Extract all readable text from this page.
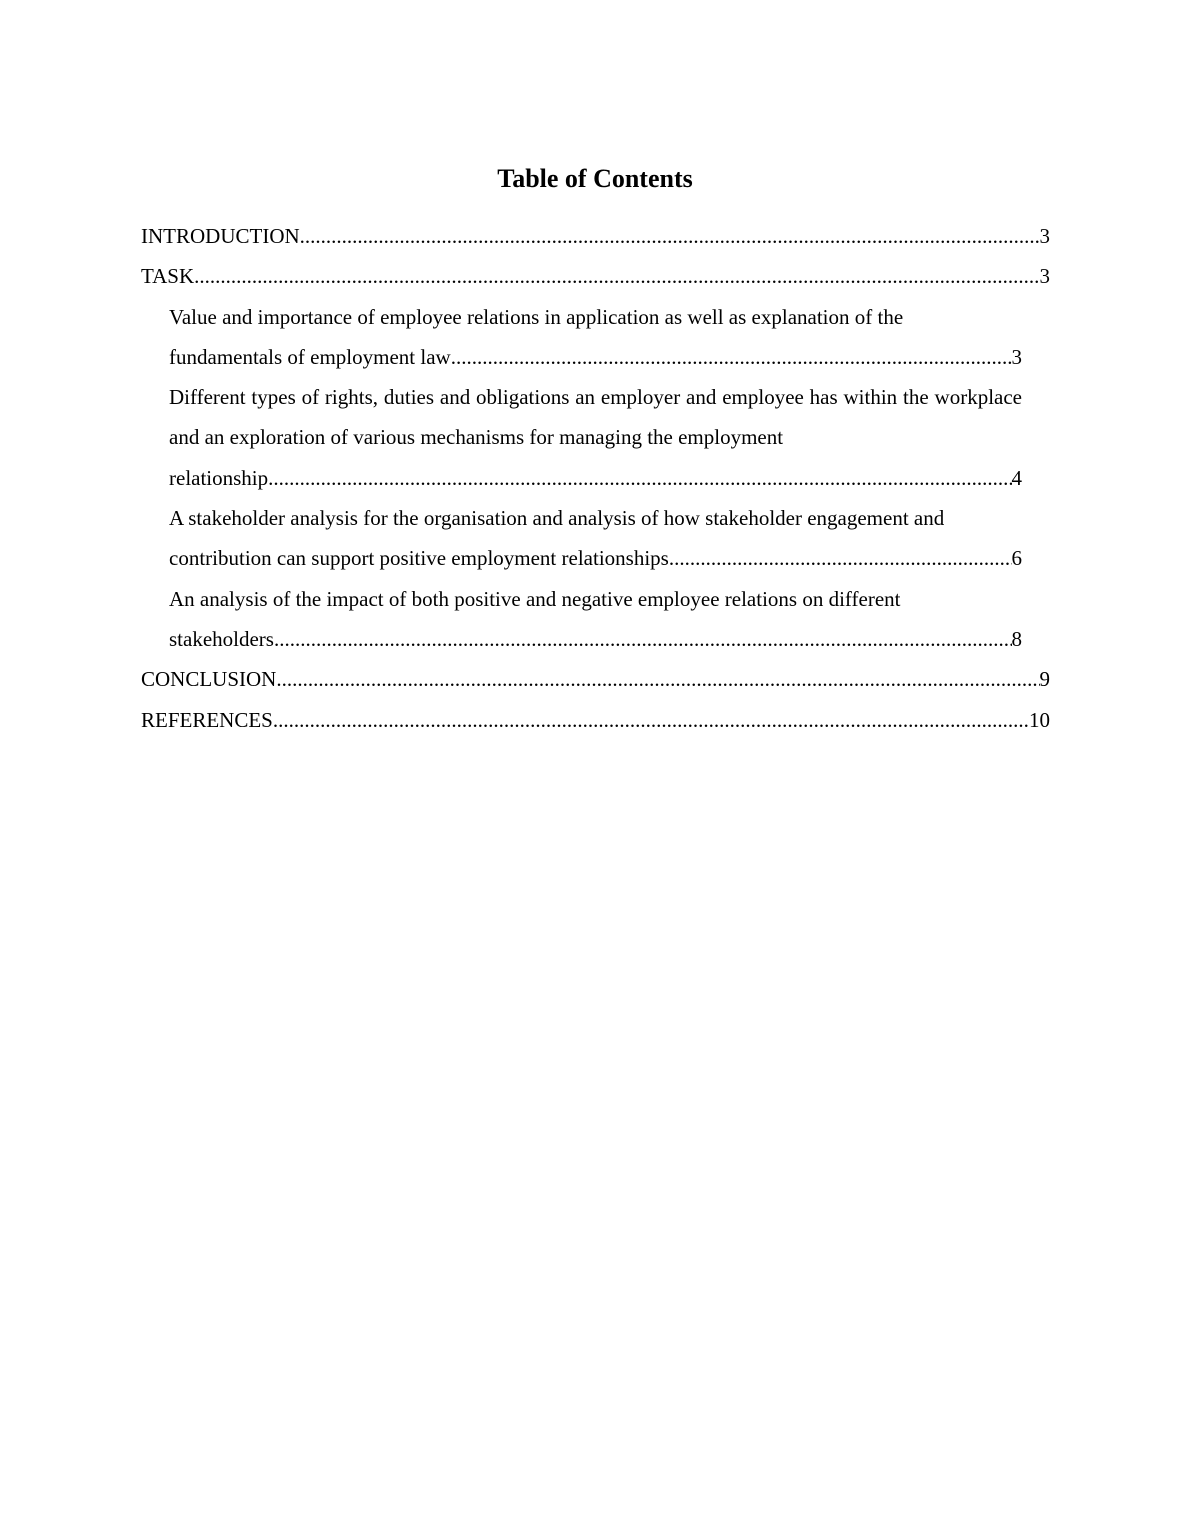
Table of Contents
INTRODUCTION .....	3
TASK .....	3
Value and importance of employee relations in application as well as explanation of the
fundamentals of employment law .....	3
Different types of rights, duties and obligations an employer and employee has within the workplace and an exploration of various mechanisms for managing the employment
relationship .....	4
A stakeholder analysis for the organisation and analysis of how stakeholder engagement and
contribution can support positive employment relationships .....	6
An analysis of the impact of both positive and negative employee relations on different
stakeholders .....	8
CONCLUSION .....	9
REFERENCES .....	10
